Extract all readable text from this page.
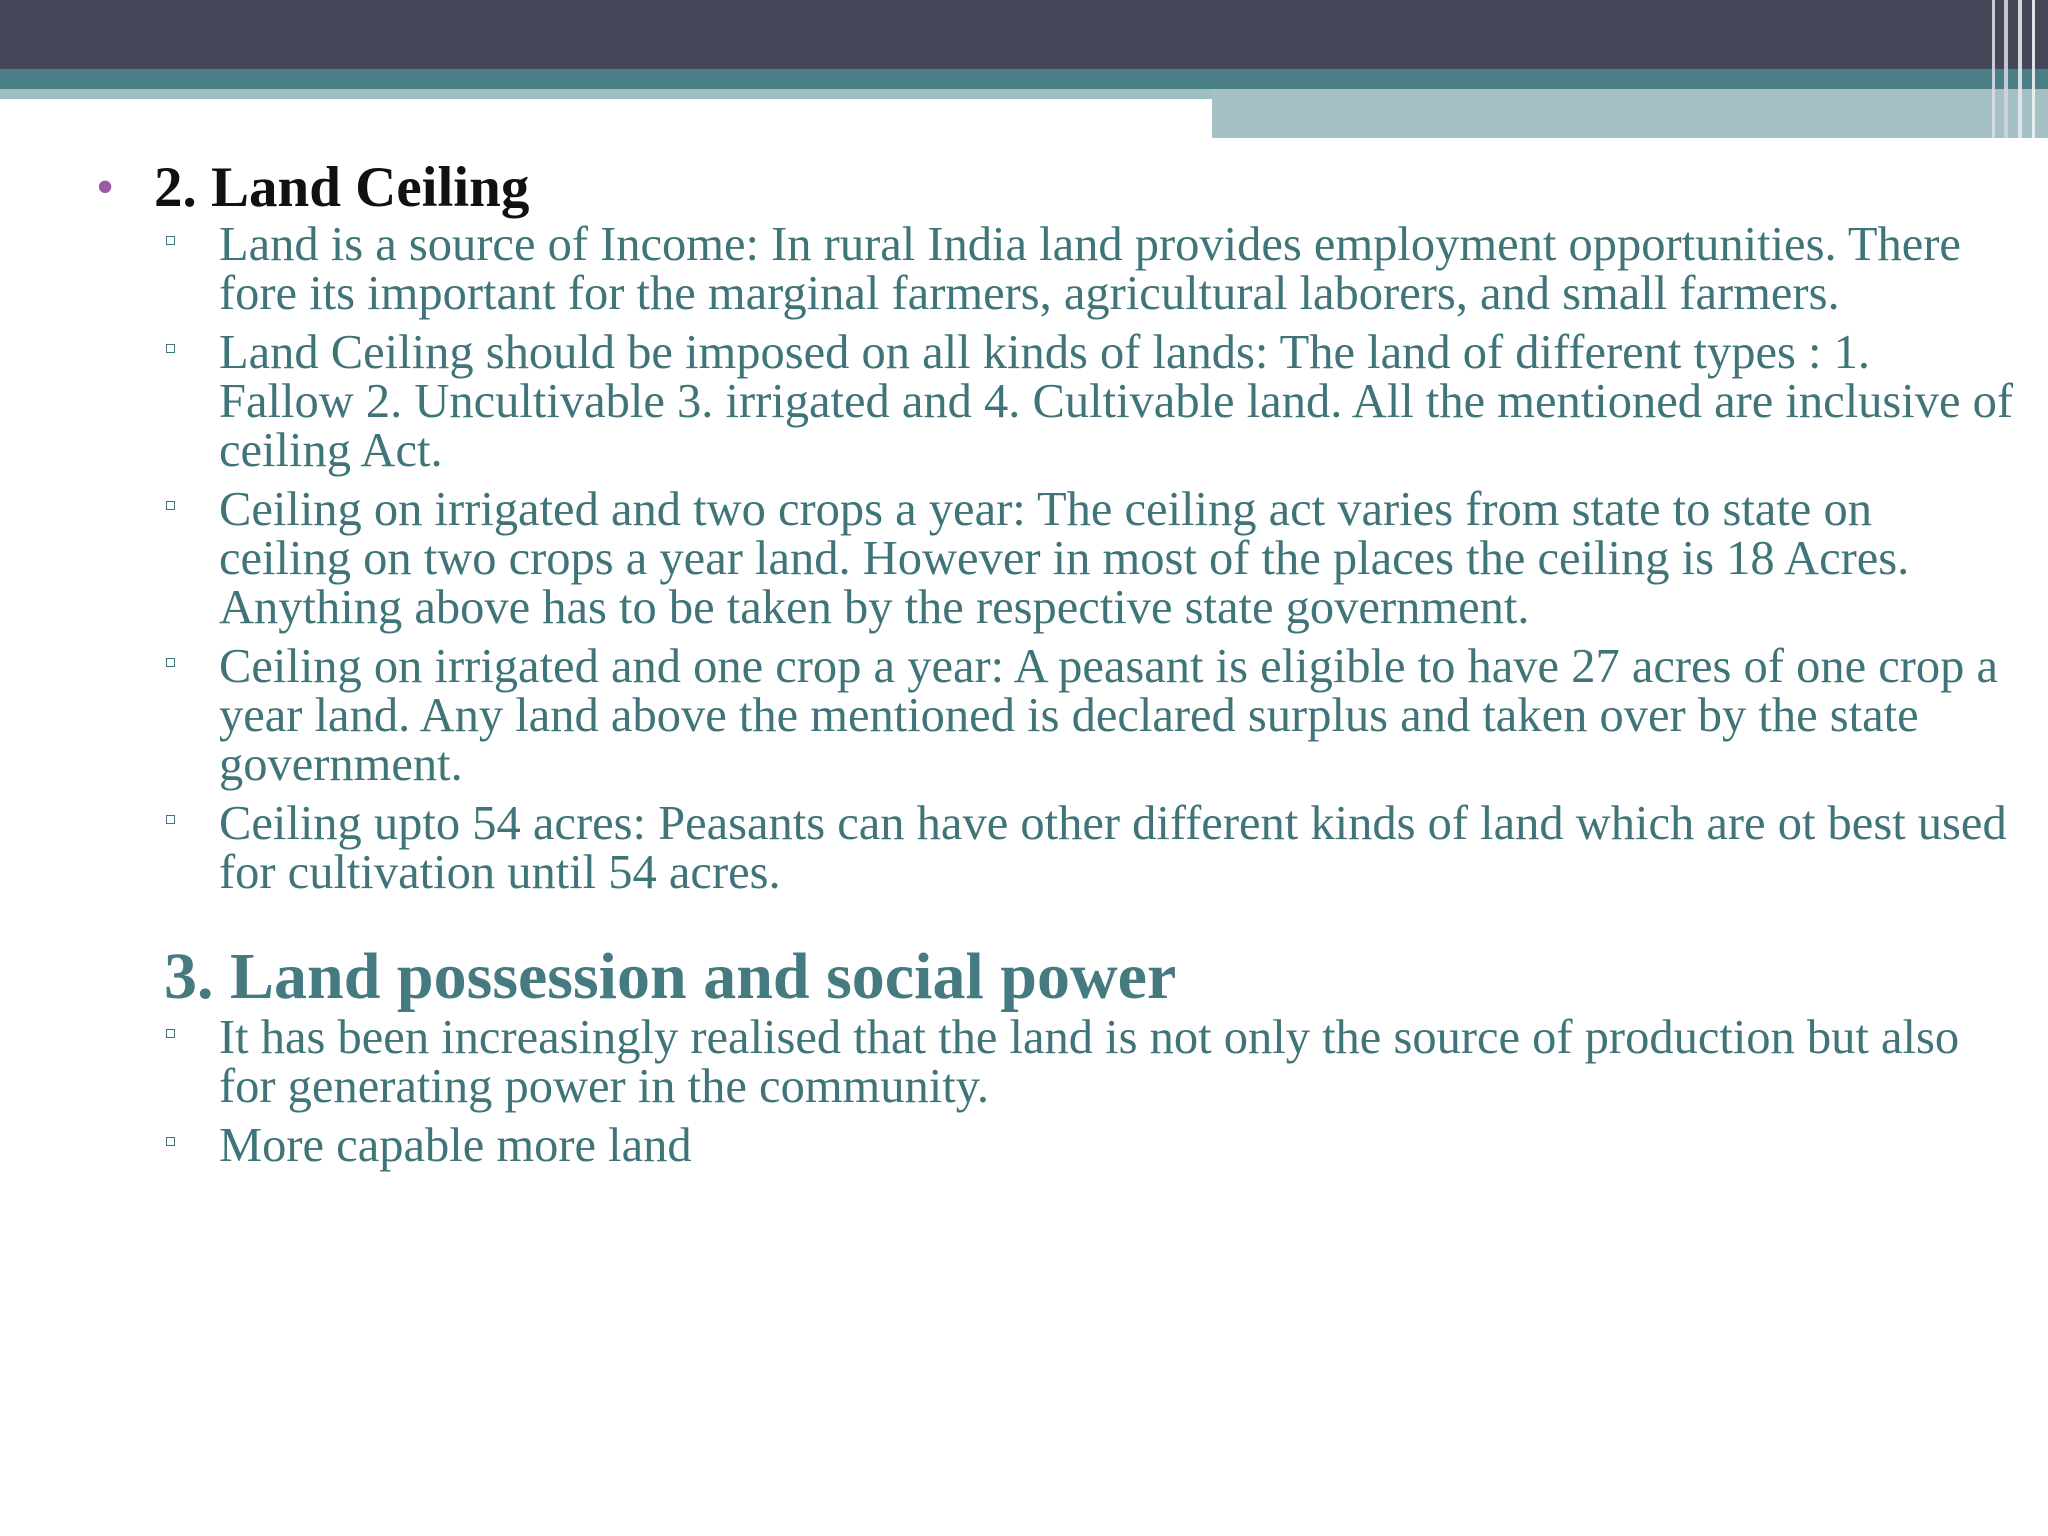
• 2. Land Ceiling
Land is a source of Income: In rural India land provides employment opportunities. There fore its important for the marginal farmers, agricultural laborers, and small farmers.
Land Ceiling should be imposed on all kinds of lands: The land of different types : 1. Fallow 2. Uncultivable 3. irrigated and 4. Cultivable land. All the mentioned are inclusive of ceiling Act.
Ceiling on irrigated and two crops a year: The ceiling act varies from state to state on ceiling on two crops a year land. However in most of the places the ceiling is 18 Acres. Anything above has to be taken by the respective state government.
Ceiling on irrigated and one crop a year: A peasant is eligible to have 27 acres of one crop a year land. Any land above the mentioned is declared surplus and taken over by the state government.
Ceiling upto 54 acres: Peasants can have other different kinds of land which are ot best used for cultivation until 54 acres.
3. Land possession and social power
It has been increasingly realised that the land is not only the source of production but also for generating power in the community.
More capable more land
